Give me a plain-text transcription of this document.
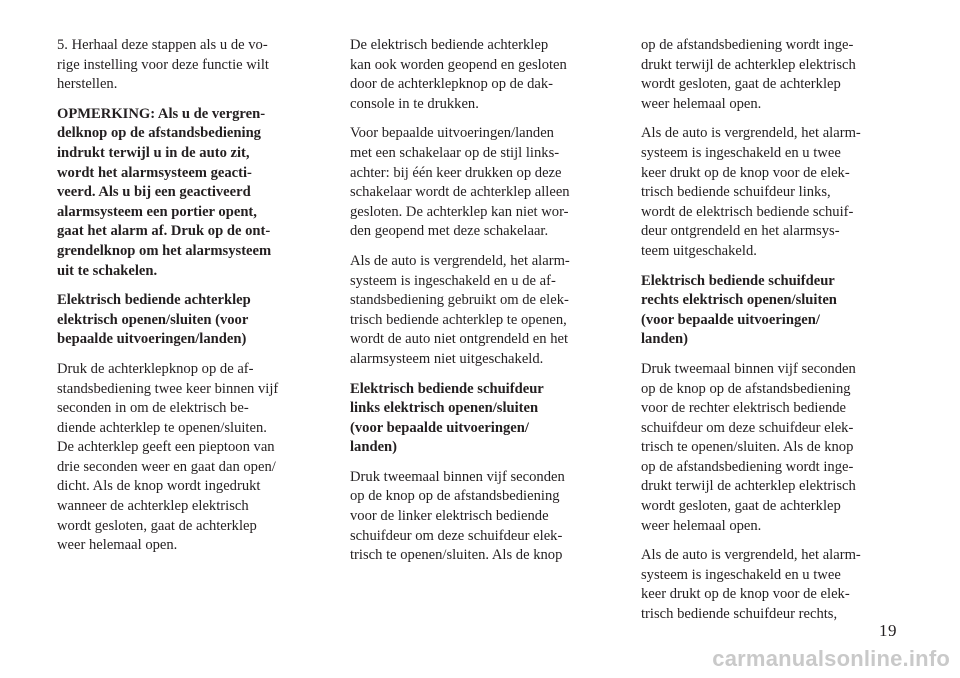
5. Herhaal deze stappen als u de vo-
rige instelling voor deze functie wilt
herstellen.

OPMERKING: Als u de vergren-
delknop op de afstandsbediening
indrukt terwijl u in de auto zit,
wordt het alarmsysteem geacti-
veerd. Als u bij een geactiveerd
alarmsysteem een portier opent,
gaat het alarm af. Druk op de ont-
grendelknop om het alarmsysteem
uit te schakelen.

Elektrisch bediende achterklep
elektrisch openen/sluiten (voor
bepaalde uitvoeringen/landen)

Druk de achterklepknop op de af-
standsbediening twee keer binnen vijf
seconden in om de elektrisch be-
diende achterklep te openen/sluiten.
De achterklep geeft een pieptoon van
drie seconden weer en gaat dan open/
dicht. Als de knop wordt ingedrukt
wanneer de achterklep elektrisch
wordt gesloten, gaat de achterklep
weer helemaal open.

De elektrisch bediende achterklep
kan ook worden geopend en gesloten
door de achterklepknop op de dak-
console in te drukken.

Voor bepaalde uitvoeringen/landen
met een schakelaar op de stijl links-
achter: bij één keer drukken op deze
schakelaar wordt de achterklep alleen
gesloten. De achterklep kan niet wor-
den geopend met deze schakelaar.

Als de auto is vergrendeld, het alarm-
systeem is ingeschakeld en u de af-
standsbediening gebruikt om de elek-
trisch bediende achterklep te openen,
wordt de auto niet ontgrendeld en het
alarmsysteem niet uitgeschakeld.

Elektrisch bediende schuifdeur
links elektrisch openen/sluiten
(voor bepaalde uitvoeringen/
landen)

Druk tweemaal binnen vijf seconden
op de knop op de afstandsbediening
voor de linker elektrisch bediende
schuifdeur om deze schuifdeur elek-
trisch te openen/sluiten. Als de knop

op de afstandsbediening wordt inge-
drukt terwijl de achterklep elektrisch
wordt gesloten, gaat de achterklep
weer helemaal open.

Als de auto is vergrendeld, het alarm-
systeem is ingeschakeld en u twee
keer drukt op de knop voor de elek-
trisch bediende schuifdeur links,
wordt de elektrisch bediende schuif-
deur ontgrendeld en het alarmsys-
teem uitgeschakeld.

Elektrisch bediende schuifdeur
rechts elektrisch openen/sluiten
(voor bepaalde uitvoeringen/
landen)

Druk tweemaal binnen vijf seconden
op de knop op de afstandsbediening
voor de rechter elektrisch bediende
schuifdeur om deze schuifdeur elek-
trisch te openen/sluiten. Als de knop
op de afstandsbediening wordt inge-
drukt terwijl de achterklep elektrisch
wordt gesloten, gaat de achterklep
weer helemaal open.

Als de auto is vergrendeld, het alarm-
systeem is ingeschakeld en u twee
keer drukt op de knop voor de elek-
trisch bediende schuifdeur rechts,

19
carmanualsonline.info
